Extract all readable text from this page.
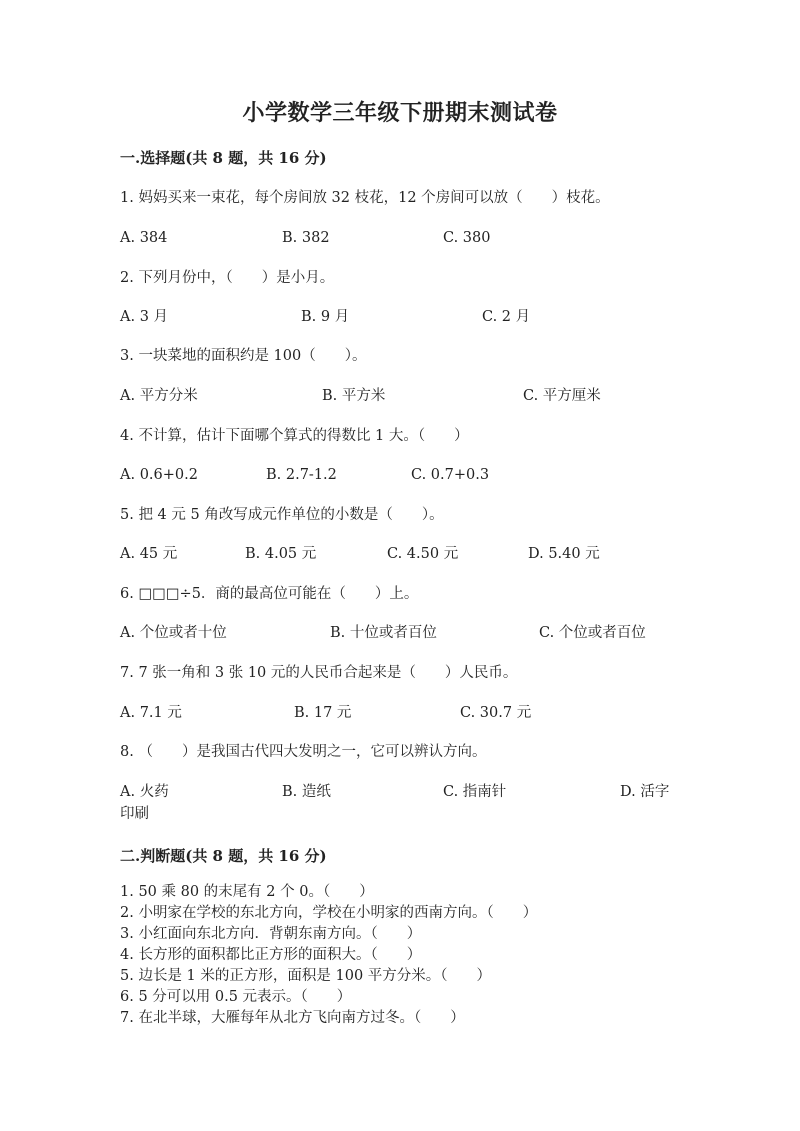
小学数学三年级下册期末测试卷
一.选择题(共 8 题，共 16 分)
1. 妈妈买来一束花，每个房间放 32 枝花，12 个房间可以放（　　）枝花。
A. 384	B. 382	C. 380
2. 下列月份中，（　　）是小月。
A. 3 月	B. 9 月	C. 2 月
3. 一块菜地的面积约是 100（　　）。
A. 平方分米	B. 平方米	C. 平方厘米
4. 不计算，估计下面哪个算式的得数比 1 大。（　　）
A. 0.6+0.2	B. 2.7-1.2	C. 0.7+0.3
5. 把 4 元 5 角改写成元作单位的小数是（　　）。
A. 45 元	B. 4.05 元	C. 4.50 元	D. 5.40 元
6. □□□÷5．商的最高位可能在（　　）上。
A. 个位或者十位	B. 十位或者百位	C. 个位或者百位
7. 7 张一角和 3 张 10 元的人民币合起来是（　　）人民币。
A. 7.1 元	B. 17 元	C. 30.7 元
8. （　　）是我国古代四大发明之一，它可以辨认方向。
A. 火药	B. 造纸	C. 指南针	D. 活字
印刷
二.判断题(共 8 题，共 16 分)
1. 50 乘 80 的末尾有 2 个 0。（　　）
2. 小明家在学校的东北方向，学校在小明家的西南方向。（　　）
3. 小红面向东北方向．背朝东南方向。（　　）
4. 长方形的面积都比正方形的面积大。（　　）
5. 边长是 1 米的正方形，面积是 100 平方分米。（　　）
6. 5 分可以用 0.5 元表示。（　　）
7. 在北半球，大雁每年从北方飞向南方过冬。（　　）
